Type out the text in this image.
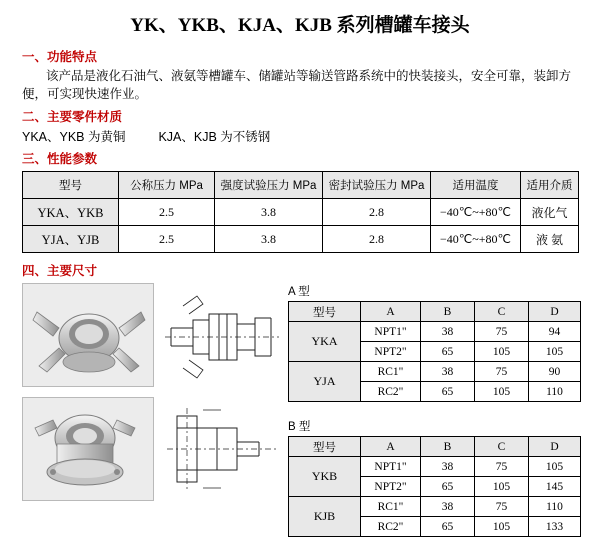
YK、YKB、KJA、KJB 系列槽罐车接头
一、功能特点
该产品是液化石油气、液氨等槽罐车、储罐站等输送管路系统中的快装接头，安全可靠，装卸方便，可实现快速作业。
二、主要零件材质
YKA、YKB 为黄铜	KJA、KJB 为不锈钢
三、性能参数
型号	公称压力 MPa	强度试验压力 MPa	密封试验压力 MPa	适用温度	适用介质
YKA、YKB	2.5	3.8	2.8	−40℃~+80℃	液化气
YJA、YJB	2.5	3.8	2.8	−40℃~+80℃	液 氨
四、主要尺寸

A 型
型号	A	B	C	D
YKA	NPT1"	38	75	94
	NPT2"	65	105	105
YJA	RC1"	38	75	90
	RC2"	65	105	110
B 型
型号	A	B	C	D
YKB	NPT1"	38	75	105
	NPT2"	65	105	145
KJB	RC1"	38	75	110
	RC2"	65	105	133
